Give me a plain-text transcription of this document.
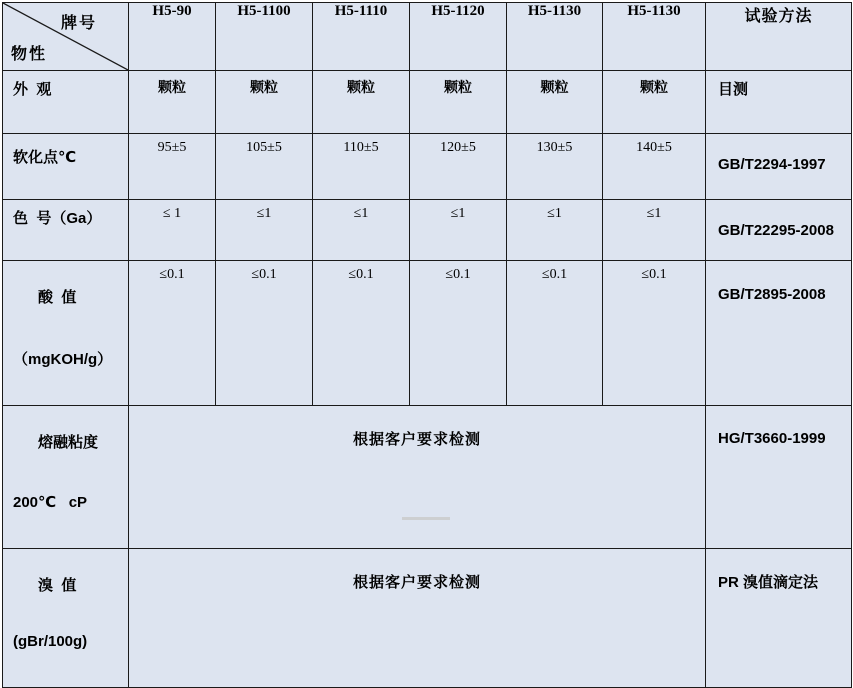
牌号
物性	H5-90	H5-1100	H5-1110	H5-1120	H5-1130	H5-1130	试验方法
外  观	颗粒	颗粒	颗粒	颗粒	颗粒	颗粒	目测
软化点℃	95±5	105±5	110±5	120±5	130±5	140±5	GB/T2294-1997
色  号（Ga）	≤ 1	≤1	≤1	≤1	≤1	≤1	GB/T22295-2008

酸  值

（mgKOH/g）	≤0.1	≤0.1	≤0.1	≤0.1	≤0.1	≤0.1	GB/T2895-2008

熔融粘度

200℃   cP	根据客户要求检测						HG/T3660-1999

溴  值

(gBr/100g)	根据客户要求检测						PR 溴值滴定法
